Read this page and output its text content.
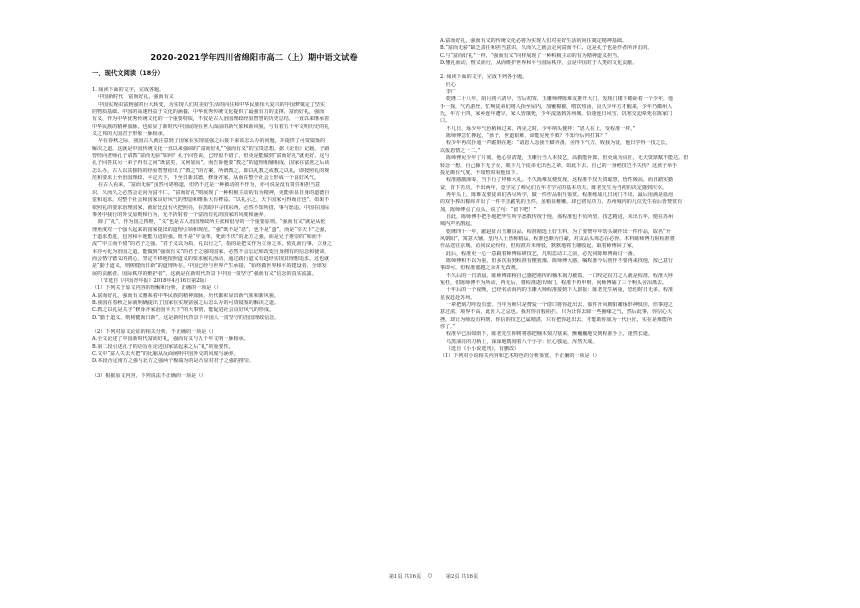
2020-2021学年四川省绵阳市高二（上）期中语文试卷
一、现代文阅读（18分）
1. 阅读下面的文字，完成各题。
中国新时代　富而好礼，强而有义
中国实现由富到强的巨大转变，为实现人们对美好生活的向往和中华民族伟大复兴的中国梦奠定了坚实
的物质基础。中国的高速得益于文化的涵養，中华优秀传统文化提供了最强有力的支撑，富而好礼，强而
有义，作为中华优秀传统文化的一个重要特质，不仅是古人治国理政经验智慧的历史总结，一直以来继承着
中华民族的精神血脉，也彰显了新时代中国展现在世人面前的新气象和新风貌，与有着五千年文明历史的礼
义之邦的大国君子形象一脉相承。
早在春秋之际，我国古人就注意到了国家在实现富强之后接下来该怎么办的问题，并提供了可资镜鉴的
解决之道。这就是中国传统文化一直以来强调的“富而好礼”“强而有义”的宝贵思想。据《论语》记载，子路
曾经向老师孔子请教“富而无骄”如何？孔子回答说，已经很不错了，但更是能做到“富而好礼”就更好，这与
孔子回答其另一弟子冉有之问“既富矣，又何加焉”，而告诉他要“教之”的道理相辅相成，国家在富庶之后该
怎么办，古人以其独特的经验智慧给出了“教之”的方案，所谓教之，即以礼教之或教之以礼，即按照礼的规
范和要求上至治国理政，平定天下，下至日新其德，修身齐家，从而在整个社会上形成一个良好风气。
在古人看来，“富而无骄”虽然可堪称道，但仍不过是一种被动的不作为，亦可说是没有贯任和担当意
识，久而久之必然会走向为富不仁。“富而好礼”则展现了一种积极主动的有为精神，更能彰显自身的道德自
觉和追求，对整个社会和国家良好风气的塑造和维系大有裨益。“以礼示之，天下国家可得而正也”，如果不
依照礼的要求治理国家，就好比没有火把照亮，在黑暗中寻找东西，必然不知所措，事与愿违。中国在国际
事务中我行的外交原则和行为，无不折射着一个富而有礼的国家的风度和涵养。
除了“礼”，作为国之四维，“义”也是古人治国理政所主张和倡导的一个重要原则。“强而有义”就是从伦
理角度对一个强大起来的国家提出的道理引领和规范。“强”既不是“恶”，也不是“蛮”，而是“宰天下”之强，
于道求勇进，包容和平地能力进的强。既不是“牢金革，死而不厌”的北方之强，而是兄子推崇的“和而不
流”“中立而不倚”的君子之强。“君子义以为质，礼以行之”，指的是把义作为立身之本，依礼而行事，立身之
本亦可化为治国之道。能做到“强而有义”的君子之强的国家，必然不会忘记和改变自身拥有的信念和使命，
而会恪守德义的初心，坚定不移地按照道义的要求履礼而动，通过践行道义有趋经实现其理想追求。这也就
是“勤于道义，则树健而日新”的道理所在。中国已经与世界产生承接，“始终做世界和平的建设者，全球发
展的贡献者，国际秩序的维护者”，这就是在新时代背景下中国一贯坚守“强而有义”信念的真实流露。
（节选自《中国青年报》2018年4月16日第2版）
（1）下列关于原文内容的理解和分析，正确的一项是（）
A.富而好礼，强而有义雅系着中华民族的精神血脉，历代都彰显出新气象和新风貌。
B.我国在春秋之际就明确提出了国家在实现富强之后怎么办的可资镜鉴的解决之道。
C.教之以礼是关乎“修身齐家治国平天下”的大事情，能促进社会良好风气的形成。
D.“勤于道义，则树健而日新”，这是新时代背景下中国人一贯坚守的治国理政信念。
（2）下列对原文论证的相关分析，不正确的一项是（）
A.全文论述了中国新时代富而好礼，强而有义与五千年文明一脉相承。
B.第二段引述孔子的话旨在论述国家富起来之后“礼”的重要性。
C.文中“富人失去火把”的比喻从反面阐明中国外交的风度与涵养。
D.本段否定南方之强与北方之强两个极端为的是凸显对君子之强的推崇。
（3）根据原文内容，下列说法不正确的一项是（）
A.富而好礼，强而有义的传统文化必将为实现人们对美好生活的向往奠定精神基础。
B.“富而无骄”缺乏责任和担当意识，久而久之就会走向富而不仁，这是孔子也是作者所评击的。
C.与“富而好礼”一样，“强而有义”同样展现了一种积极主动的有为精神道义担当。
D.懂礼而动，惟义而行，从而维护世界和平与国际秩序，会是中国对于人类的文化贡献。
2. 阅读下面的文字，完成下列各小题。
匠心
李广
乾隆二十八年，阴月初六清早，雪后初霁，玉雕师傅陈难友推开大门，发现门楼下蜷卧着一个少年，他
手一探，气若游丝，忙唤徒弟们将人抬至屋内，加覆棉被，喂饮热汤，良久少年方才醒来，少年乃徽州人
氏，年方十四，家乡连年遭旱，家人皆饿死，少年流落到苏州城，恰逢连日风雪，饥寒交迫晕死在陈家门
口。
不几日，琢少年气色稍和过来，再见之时，少年纳头便拜：“恩人在上，受程准一拜。”
陈师傅急忙搀起，“孩子，世道艰难，命能见死不救？不知今后何打算？”
程少年再次扑通一声跪倒在地：“请恩人念我干脚齐备，舍得下气力，收我为徒，他日学得一技之长，
以报恩情之一二。”
陈师傅见少年了片刻，他心里清楚，玉雕行当人本技艺，高勤能补拙，但更成为良匠，无天资禀赋不能达。但
转念一想，自己藤下无子女，眼下几个徒弟无出色之辈，如此下去，自己的一身绝技岂不失传？这孩子举手
投足颇有气度，不如暂时看他留下。
程准感激涕零，当下行了拜师大礼。不久陈难友便发现，这程准不仅天资聪慧，悟性极高，而且踏实勤
奋，肯下苦功，不出两年，竟学完了师兄们五年才学完的基本功夫，陈老先生为当初的决定感到庆幸。
再年头上，陈难友要徒弟们各尽所学，做一件作品相互鉴赏。程准练成几日闭门不出，最后用满是血泡
的双手捧出檬痒并出了一件羊羔跪乳的玉件，虽稍显稚嫩，却已初见功力，苏州城内的几位先生看后皆赞赏有
加，陈师傅点了点头，说了句：“留下吧！”
自此，陈师傅手把手地把毕生所学悉数传授于他，那程准也不负所望，技艺精进，未出五年，便在苏州
城内声名鹊起。
乾隆四十一年，献赵征召玉雕良品，程准精选上好玉料，为了要赞年年幼头制作出一件作品，取名“升
风朝阳”，寓意大辅，皇内人士皆称精品，程准也颇为自豪，对贡品头筹志在必得。木料陈师傅力阻程准将
作品送往京城，访问议论纷纷，但程准并未辩驳，默默地将玉雕收起，取着师傅回了家。
此后，程准更一心一意跟着师傅钻研技艺，凡构思动工之前，必先同陈师傅商讨一番。
陈师傅积不以为重，但多次看到程准有懂犹豫，陈师傅大感，嘱程准今后创作不要再来找他，按己意行
事即可，但程准涨越之余并无改观。
不久后的一日清晨，陈师傅却称自己感把祖传的楠木刻刀被盗，一口咬定窃刀之人就是程准。程准大呼
冤枉，但陈师傅不为所动，再无后，将程准逐出师门，程准不再申辩，向师傅磕了三个响头舍泪离去。
十年后的一个夜晚，已经名动海内的玉雕大师程准接到下人禀报：陈老先生病重，恐怕时日无多。程准
星夜赶赴苏州。　　　　　　　　　　　　　　　　　　　　　　　　　　　　　　　　
一辈把刻刀呼没有套，当年为师只是赞爱一个借口将你赶出去，那件升风朝阳雕琢形神俱佳，但事迎之
意过浓，境界不高，此匠人之忌也。我对你百般阻拦，只为让你去除一些圈缘之气，然后此事，你信心大
挫，却让为师没有料到，你信的技艺已属精湛，只有把你赶出去，才能助你成为一代巨匠，实在是难能所
你了。”
程准早已泪如雨下，陈老先生仰树将那把楠木刻刀塞来，颤巍巍地交到程准手上，逢然长逝。
乌黑油亮的刀柄上，深深地镌刻着八个小字：匠心独运，浑然天成。
（选自《小小说选刊》，有删改）
（1）下列对小说相关内容和艺术特色的分析鉴赏，不正确的一项是（）
第1页 共16页 ○	第2页 共16页
